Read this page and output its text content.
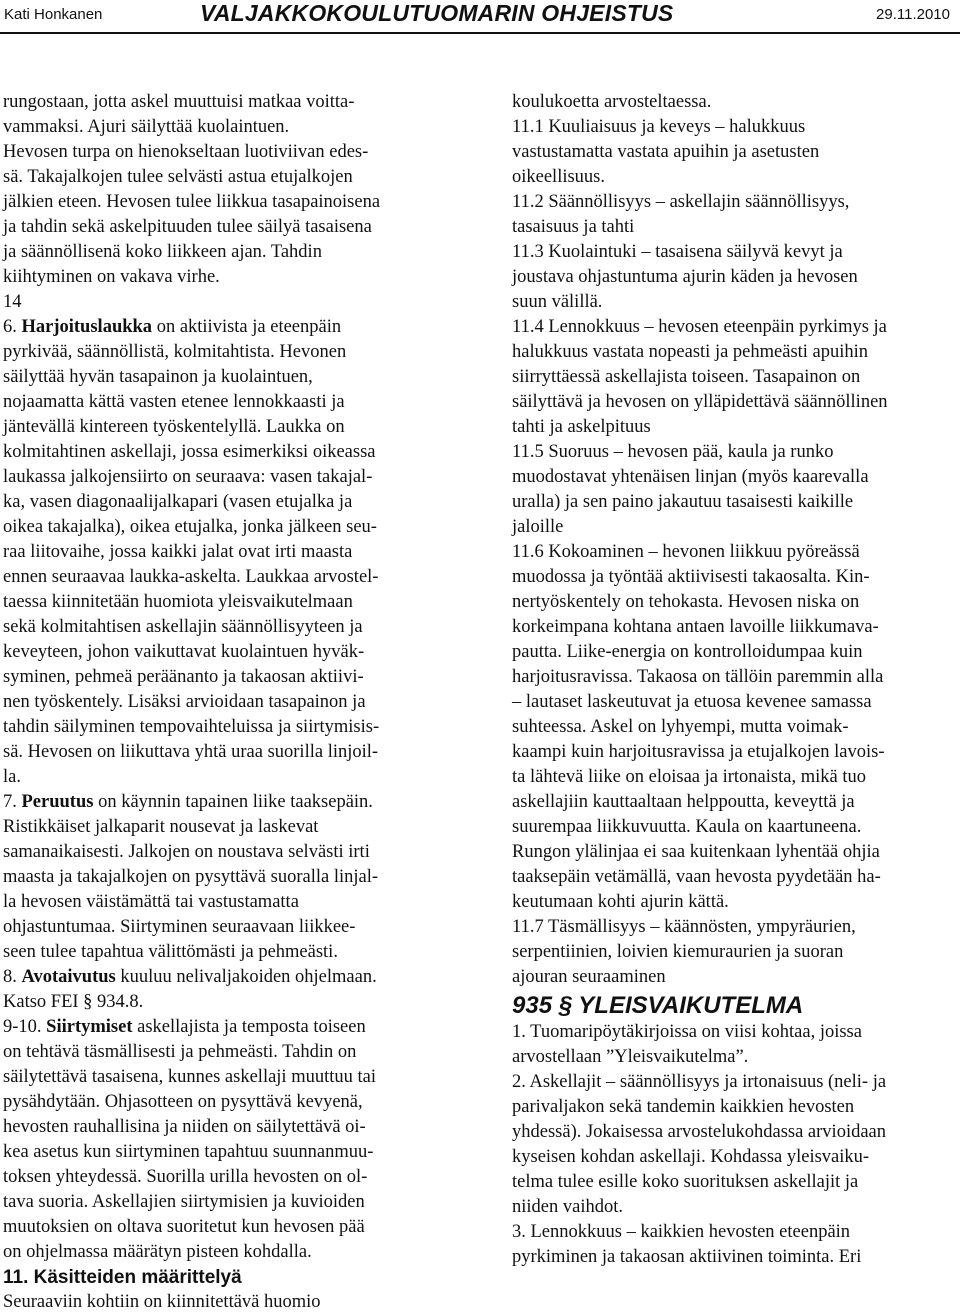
Kati Honkanen	VALJAKKOKOULUTUOMARIN OHJEISTUS	29.11.2010
rungostaan, jotta askel muuttuisi matkaa voitta-
vammaksi. Ajuri säilyttää kuolaintuen.
Hevosen turpa on hienokseltaan luotiviivan edes-
sä. Takajalkojen tulee selvästi astua etujalkojen
jälkien eteen. Hevosen tulee liikkua tasapainoisena
ja tahdin sekä askelpituuden tulee säilyä tasaisena
ja säännöllisenä koko liikkeen ajan. Tahdin
kiihtyminen on vakava virhe.
14
6. Harjoituslaukka on aktiivista ja eteenpäin
pyrkivää, säännöllistä, kolmitahtista. Hevonen
säilyttää hyvän tasapainon ja kuolaintuen,
nojaamatta kättä vasten etenee lennokkaasti ja
jäntevällä kintereen työskentelyllä. Laukka on
kolmitahtinen askellaji, jossa esimerkiksi oikeassa
laukassa jalkojensiirto on seuraava: vasen takajal-
ka, vasen diagonaalijalkapari (vasen etujalka ja
oikea takajalka), oikea etujalka, jonka jälkeen seu-
raa liitovaihe, jossa kaikki jalat ovat irti maasta
ennen seuraavaa laukka-askelta. Laukkaa arvostel-
taessa kiinnitetään huomiota yleisvaikutelmaan
sekä kolmitahtisen askellajin säännöllisyyteen ja
keveyteen, johon vaikuttavat kuolaintuen hyväk-
syminen, pehmeä peräänanto ja takaosan aktiivi-
nen työskentely. Lisäksi arvioidaan tasapainon ja
tahdin säilyminen tempovaihteluissa ja siirtymisis-
sä. Hevosen on liikuttava yhtä uraa suorilla linjoil-
la.
7. Peruutus on käynnin tapainen liike taaksepäin.
Ristikkäiset jalkaparit nousevat ja laskevat
samanaikaisesti. Jalkojen on noustava selvästi irti
maasta ja takajalkojen on pysyttävä suoralla linjal-
la hevosen väistämättä tai vastustamatta
ohjastuntumaa. Siirtyminen seuraavaan liikkee-
seen tulee tapahtua välittömästi ja pehmeästi.
8. Avotaivutus kuuluu nelivaljakoiden ohjelmaan.
Katso FEI § 934.8.
9-10. Siirtymiset askellajista ja temposta toiseen
on tehtävä täsmällisesti ja pehmeästi. Tahdin on
säilytettävä tasaisena, kunnes askellaji muuttuu tai
pysähdytään. Ohjasotteen on pysyttävä kevyenä,
hevosten rauhallisina ja niiden on säilytettävä oi-
kea asetus kun siirtyminen tapahtuu suunnanmuu-
toksen yhteydessä. Suorilla urilla hevosten on ol-
tava suoria. Askellajien siirtymisien ja kuvioiden
muutoksien on oltava suoritetut kun hevosen pää
on ohjelmassa määrätyn pisteen kohdalla.
11. Käsitteiden määrittelyä
Seuraaviin kohtiin on kiinnitettävä huomio
koulukoetta arvosteltaessa.
11.1 Kuuliaisuus ja keveys – halukkuus
vastustamatta vastata apuihin ja asetusten
oikeellisuus.
11.2 Säännöllisyys – askellajin säännöllisyys,
tasaisuus ja tahti
11.3 Kuolaintuki – tasaisena säilyvä kevyt ja
joustava ohjastuntuma ajurin käden ja hevosen
suun välillä.
11.4 Lennokkuus – hevosen eteenpäin pyrkimys ja
halukkuus vastata nopeasti ja pehmeästi apuihin
siirryttäessä askellajista toiseen. Tasapainon on
säilyttävä ja hevosen on ylläpidettävä säännöllinen
tahti ja askelpituus
11.5 Suoruus – hevosen pää, kaula ja runko
muodostavat yhtenäisen linjan (myös kaarevalla
uralla) ja sen paino jakautuu tasaisesti kaikille
jaloille
11.6 Kokoaminen – hevonen liikkuu pyöreässä
muodossa ja työntää aktiivisesti takaosalta. Kin-
nertyöskentely on tehokasta. Hevosen niska on
korkeimpana kohtana antaen lavoille liikkumava-
pautta. Liike-energia on kontrolloidumpaa kuin
harjoitusravissa. Takaosa on tällöin paremmin alla
– lautaset laskeutuvat ja etuosa kevenee samassa
suhteessa. Askel on lyhyempi, mutta voimak-
kaampi kuin harjoitusravissa ja etujalkojen lavois-
ta lähtevä liike on eloisaa ja irtonaista, mikä tuo
askellajiin kauttaaltaan helppoutta, keveyttä ja
suurempaa liikkuvuutta. Kaula on kaartuneena.
Rungon ylälinjaa ei saa kuitenkaan lyhentää ohjia
taaksepäin vetämällä, vaan hevosta pyydetään ha-
keutumaan kohti ajurin kättä.
11.7 Täsmällisyys – käännösten, ympyräurien,
serpentiinien, loivien kiemuraurien ja suoran
ajouran seuraaminen
935 § YLEISVAIKUTELMA
1. Tuomaripöytäkirjoissa on viisi kohtaa, joissa
arvostellaan ”Yleisvaikutelma”.
2. Askellajit – säännöllisyys ja irtonaisuus (neli- ja
parivaljakon sekä tandemin kaikkien hevosten
yhdessä). Jokaisessa arvostelukohdassa arvioidaan
kyseisen kohdan askellaji. Kohdassa yleisvaiku-
telma tulee esille koko suorituksen askellajit ja
niiden vaihdot.
3. Lennokkuus – kaikkien hevosten eteenpäin
pyrkiminen ja takaosan aktiivinen toiminta. Eri
